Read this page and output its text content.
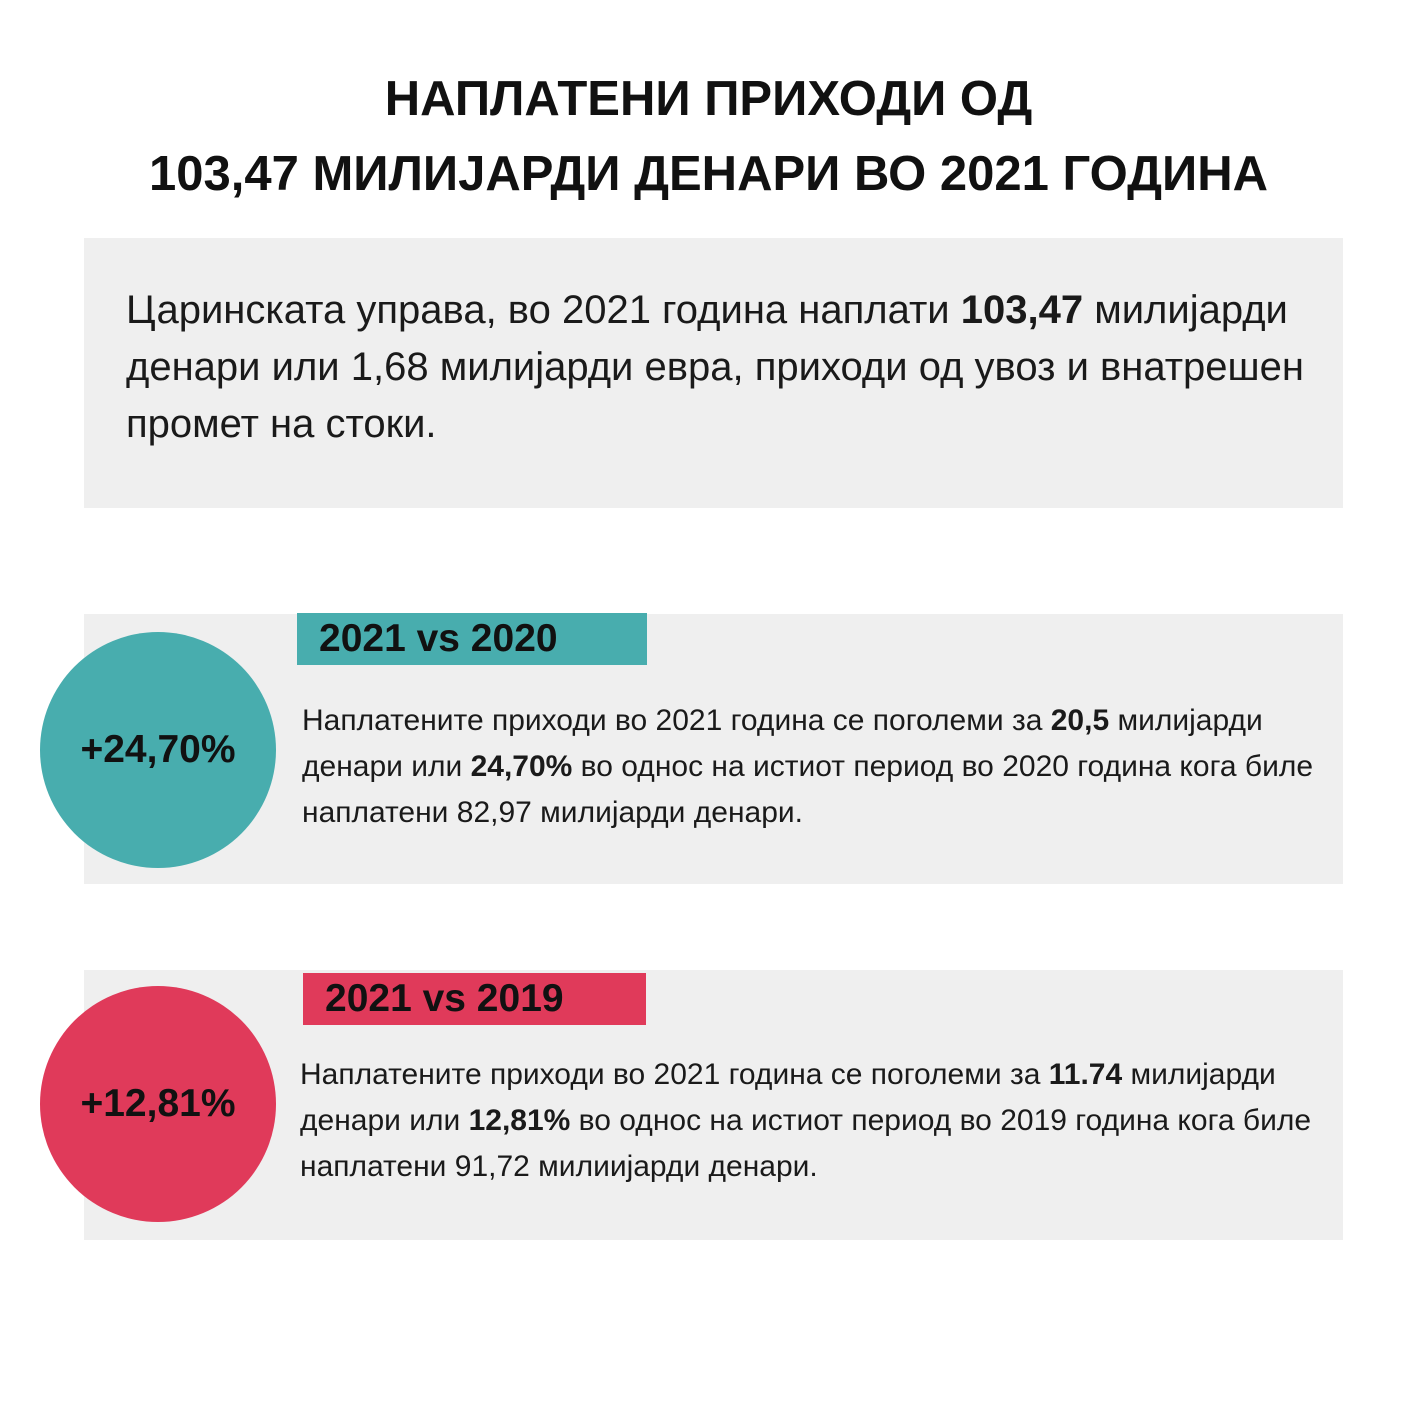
НАПЛАТЕНИ ПРИХОДИ ОД
103,47 МИЛИЈАРДИ ДЕНАРИ ВО 2021 ГОДИНА
Царинската управа, во 2021 година наплати 103,47 милијарди денари или 1,68 милијарди евра, приходи од увоз и внатрешен промет на стоки.
2021 vs 2020
+24,70%
Наплатените приходи во 2021 година се поголеми за 20,5 милијарди денари или 24,70% во однос на истиот период во 2020 година кога биле наплатени 82,97 милијарди денари.
2021 vs 2019
+12,81%
Наплатените приходи во 2021 година се поголеми за 11.74 милијарди денари или 12,81% во однос на истиот период во 2019 година кога биле наплатени 91,72 милиијарди денари.
